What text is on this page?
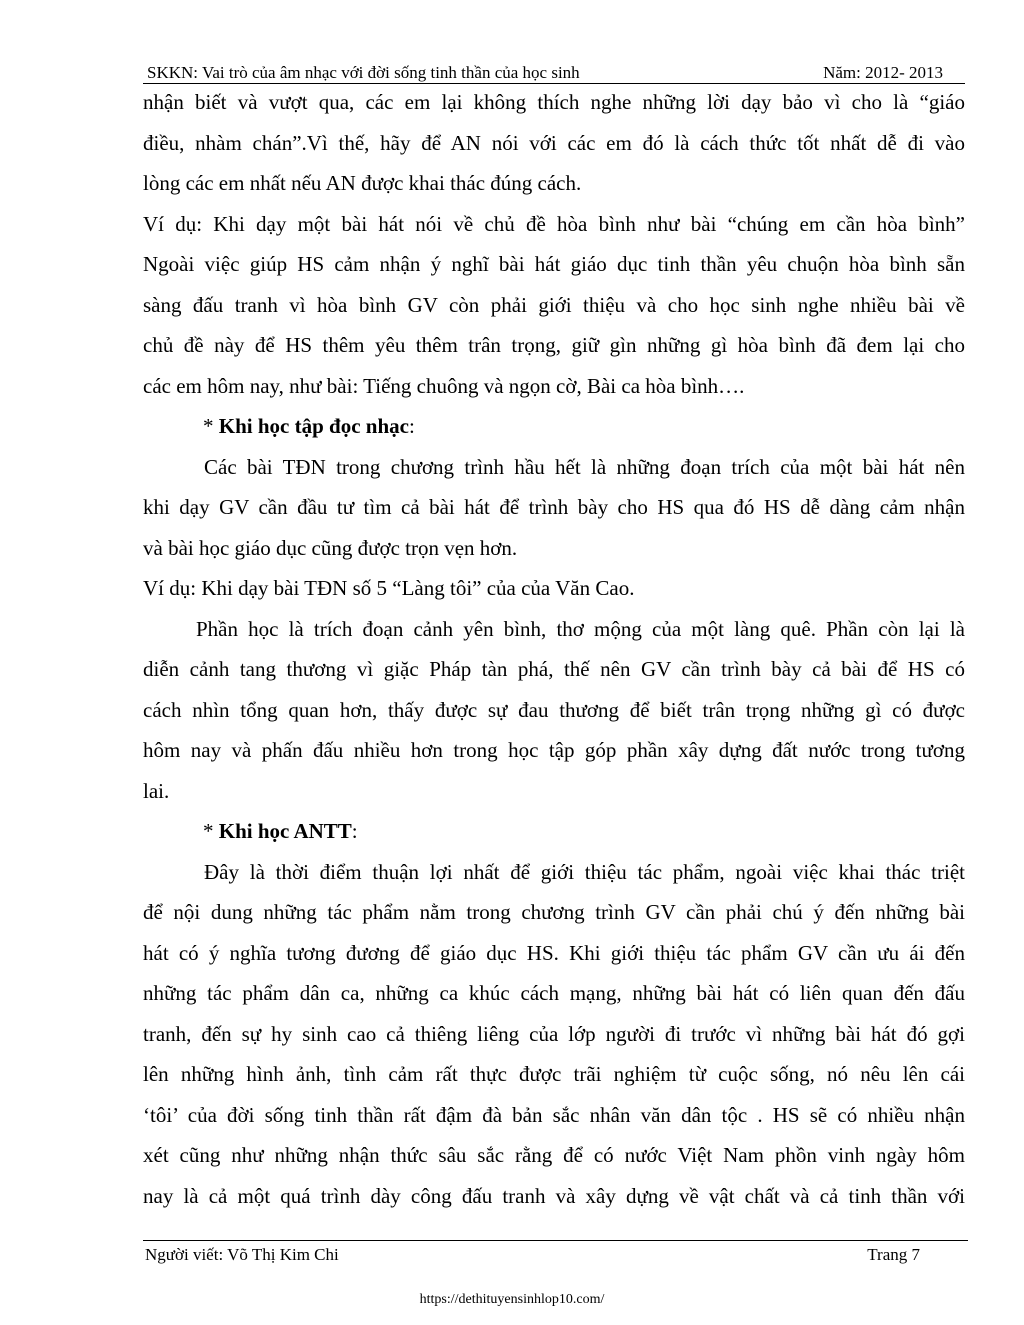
SKKN: Vai trò của âm nhạc với đời sống tinh thần của học sinh	Năm: 2012- 2013
nhận biết và vượt qua, các em lại không thích nghe những lời dạy bảo vì cho là “giáo
điều, nhàm chán”.Vì thế, hãy để AN nói với các em đó là cách thức tốt nhất dễ đi vào
lòng các em nhất nếu AN được khai thác đúng cách.
Ví dụ: Khi dạy một bài hát nói về chủ đề hòa bình như bài “chúng em cần hòa bình”
Ngoài việc giúp HS cảm nhận ý nghĩ bài hát giáo dục tinh thần yêu chuộn hòa bình sẵn
sàng đấu tranh vì hòa bình GV còn phải giới thiệu và cho học sinh nghe nhiều bài về
chủ đề này để HS thêm yêu thêm trân trọng, giữ gìn những gì hòa bình đã đem lại cho
các em hôm nay, như bài: Tiếng chuông và ngọn cờ, Bài ca hòa bình….
* Khi học tập đọc nhạc:
Các bài TĐN trong chương trình hầu hết là những đoạn trích của một bài hát nên
khi dạy GV cần đầu tư tìm cả bài hát để trình bày cho HS qua đó HS dễ dàng cảm nhận
và bài học giáo dục cũng được trọn vẹn hơn.
Ví dụ: Khi dạy bài TĐN số 5 “Làng tôi” của của Văn Cao.
Phần học là trích đoạn cảnh yên bình, thơ mộng của một làng quê. Phần còn lại là
diễn cảnh tang thương vì giặc Pháp tàn phá, thế nên GV cần trình bày cả bài để HS có
cách nhìn tổng quan hơn, thấy được sự đau thương để biết trân trọng những gì có được
hôm nay và phấn đấu nhiều hơn trong học tập góp phần xây dựng đất nước trong tương
lai.
* Khi học ANTT:
Đây là thời điểm thuận lợi nhất để giới thiệu tác phẩm, ngoài việc khai thác triệt
để nội dung những tác phẩm nằm trong chương trình GV cần phải chú ý đến những bài
hát có ý nghĩa tương đương để giáo dục HS. Khi giới thiệu tác phẩm GV cần ưu ái đến
những tác phẩm dân ca, những ca khúc cách mạng, những bài hát có liên quan đến đấu
tranh, đến sự hy sinh cao cả thiêng liêng của lớp người đi trước vì những bài hát đó gợi
lên những hình ảnh, tình cảm rất thực được trãi nghiệm từ cuộc sống, nó nêu lên cái
‘tôi’ của đời sống tinh thần rất đậm đà bản sắc nhân văn dân tộc . HS sẽ có nhiều nhận
xét cũng như những nhận thức sâu sắc rằng để có nước Việt Nam phồn vinh ngày hôm
nay là cả một quá trình dày công đấu tranh và xây dựng về vật chất và cả tinh thần với
Người viết: Võ Thị Kim Chi	Trang 7
https://dethituyensinhlop10.com/
